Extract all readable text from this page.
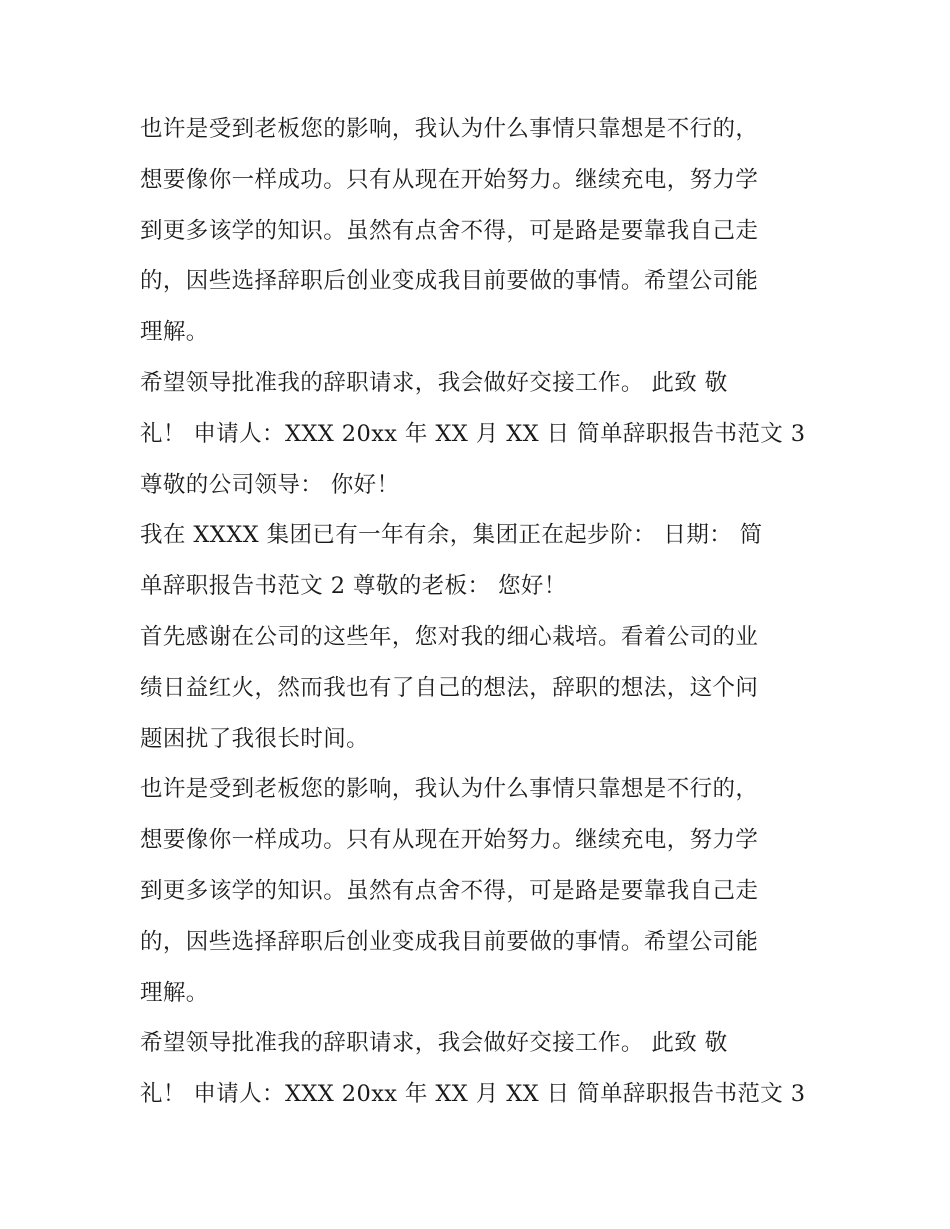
也许是受到老板您的影响，我认为什么事情只靠想是不行的，
想要像你一样成功。只有从现在开始努力。继续充电，努力学
到更多该学的知识。虽然有点舍不得，可是路是要靠我自己走
的，因些选择辞职后创业变成我目前要做的事情。希望公司能
理解。
希望领导批准我的辞职请求，我会做好交接工作。 此致 敬
礼！ 申请人：XXX 20xx 年 XX 月 XX 日 简单辞职报告书范文 3
尊敬的公司领导： 你好！
我在 XXXX 集团已有一年有余，集团正在起步阶： 日期： 简
单辞职报告书范文 2 尊敬的老板： 您好！
首先感谢在公司的这些年，您对我的细心栽培。看着公司的业
绩日益红火，然而我也有了自己的想法，辞职的想法，这个问
题困扰了我很长时间。
也许是受到老板您的影响，我认为什么事情只靠想是不行的，
想要像你一样成功。只有从现在开始努力。继续充电，努力学
到更多该学的知识。虽然有点舍不得，可是路是要靠我自己走
的，因些选择辞职后创业变成我目前要做的事情。希望公司能
理解。
希望领导批准我的辞职请求，我会做好交接工作。 此致 敬
礼！ 申请人：XXX 20xx 年 XX 月 XX 日 简单辞职报告书范文 3
